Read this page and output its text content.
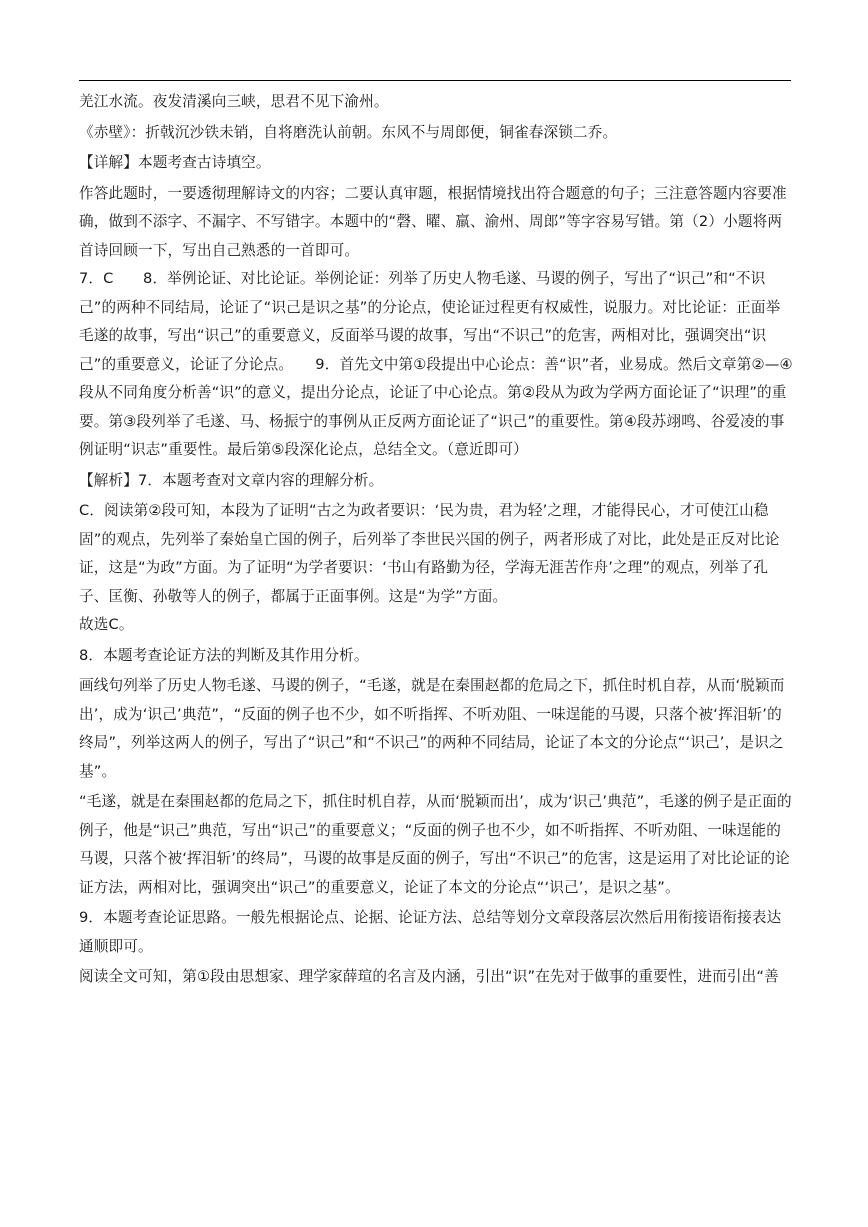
羌江水流。夜发清溪向三峡，思君不见下渝州。

《赤壁》：折戟沉沙铁未销，自将磨洗认前朝。东风不与周郎便，铜雀春深锁二乔。

【详解】本题考查古诗填空。

作答此题时，一要透彻理解诗文的内容；二要认真审题，根据情境找出符合题意的句子；三注意答题内容要准确，做到不添字、不漏字、不写错字。本题中的“磬、曜、羸、渝州、周郎”等字容易写错。第（2）小题将两首诗回顾一下，写出自己熟悉的一首即可。

7．C　　8．举例论证、对比论证。举例论证：列举了历史人物毛遂、马谡的例子，写出了“识己”和“不识己”的两种不同结局，论证了“识己是识之基”的分论点，使论证过程更有权威性，说服力。对比论证：正面举毛遂的故事，写出“识己”的重要意义，反面举马谡的故事，写出“不识己”的危害，两相对比，强调突出“识己”的重要意义，论证了分论点。　　9．首先文中第①段提出中心论点：善“识”者，业易成。然后文章第②—④段从不同角度分析善“识”的意义，提出分论点，论证了中心论点。第②段从为政为学两方面论证了“识理”的重要。第③段列举了毛遂、马、杨振宁的事例从正反两方面论证了“识己”的重要性。第④段苏翊鸣、谷爱凌的事例证明“识志”重要性。最后第⑤段深化论点，总结全文。（意近即可）

【解析】7．本题考查对文章内容的理解分析。

C．阅读第②段可知，本段为了证明“古之为政者要识：‘民为贵，君为轻’之理，才能得民心，才可使江山稳固”的观点，先列举了秦始皇亡国的例子，后列举了李世民兴国的例子，两者形成了对比，此处是正反对比论证，这是“为政”方面。为了证明“为学者要识：‘书山有路勤为径，学海无涯苦作舟’之理”的观点，列举了孔子、匡衡、孙敬等人的例子，都属于正面事例。这是“为学”方面。

故选C。

8．本题考查论证方法的判断及其作用分析。

画线句列举了历史人物毛遂、马谡的例子，“毛遂，就是在秦围赵都的危局之下，抓住时机自荐，从而‘脱颖而出’，成为‘识己’典范”，“反面的例子也不少，如不听指挥、不听劝阻、一味逞能的马谡，只落个被‘挥泪斩’的终局”，列举这两人的例子，写出了“识己”和“不识己”的两种不同结局，论证了本文的分论点“‘识己’，是识之基”。

“毛遂，就是在秦围赵都的危局之下，抓住时机自荐，从而‘脱颖而出’，成为‘识己’典范”，毛遂的例子是正面的例子，他是“识己”典范，写出“识己”的重要意义；“反面的例子也不少，如不听指挥、不听劝阻、一味逞能的马谡，只落个被‘挥泪斩’的终局”，马谡的故事是反面的例子，写出“不识己”的危害，这是运用了对比论证的论证方法，两相对比，强调突出“识己”的重要意义，论证了本文的分论点“‘识己’，是识之基”。

9．本题考查论证思路。一般先根据论点、论据、论证方法、总结等划分文章段落层次然后用衔接语衔接表达通顺即可。

阅读全文可知，第①段由思想家、理学家薛瑄的名言及内涵，引出“识”在先对于做事的重要性，进而引出“善
